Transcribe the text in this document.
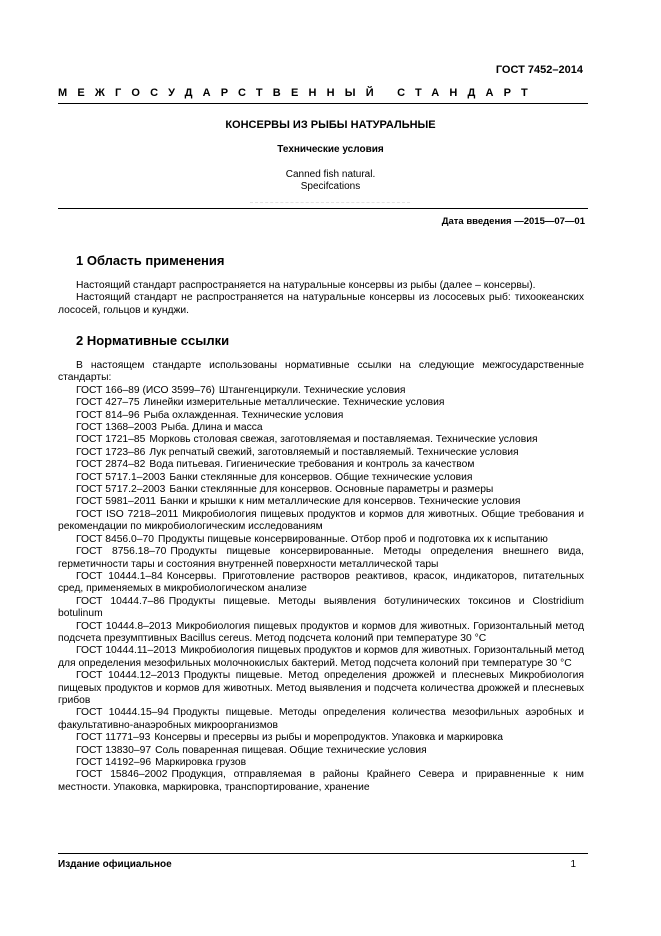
ГОСТ 7452–2014
МЕЖГОСУДАРСТВЕННЫЙ СТАНДАРТ
КОНСЕРВЫ ИЗ РЫБЫ НАТУРАЛЬНЫЕ
Технические условия
Canned fish natural.
Specifcations
Дата введения —2015—07—01
1 Область применения

Настоящий стандарт распространяется на натуральные консервы из рыбы (далее – консервы).

Настоящий стандарт не распространяется на натуральные консервы из лососевых рыб: тихоокеанских лососей, гольцов и кунджи.

2 Нормативные ссылки

В настоящем стандарте использованы нормативные ссылки на следующие межгосударственные стандарты:

ГОСТ 166–89 (ИСО 3599–76) Штангенциркули. Технические условия

ГОСТ 427–75 Линейки измерительные металлические. Технические условия

ГОСТ 814–96 Рыба охлажденная. Технические условия

ГОСТ 1368–2003 Рыба. Длина и масса

ГОСТ 1721–85 Морковь столовая свежая, заготовляемая и поставляемая. Технические условия

ГОСТ 1723–86 Лук репчатый свежий, заготовляемый и поставляемый. Технические условия

ГОСТ 2874–82 Вода питьевая. Гигиенические требования и контроль за качеством

ГОСТ 5717.1–2003 Банки стеклянные для консервов. Общие технические условия

ГОСТ 5717.2–2003 Банки стеклянные для консервов. Основные параметры и размеры

ГОСТ 5981–2011 Банки и крышки к ним металлические для консервов. Технические условия

ГОСТ ISO 7218–2011 Микробиология пищевых продуктов и кормов для животных. Общие требования и рекомендации по микробиологическим исследованиям

ГОСТ 8456.0–70 Продукты пищевые консервированные. Отбор проб и подготовка их к испытанию

ГОСТ 8756.18–70 Продукты пищевые консервированные. Методы определения внешнего вида, герметичности тары и состояния внутренней поверхности металлической тары

ГОСТ 10444.1–84 Консервы. Приготовление растворов реактивов, красок, индикаторов, питательных сред, применяемых в микробиологическом анализе

ГОСТ 10444.7–86 Продукты пищевые. Методы выявления ботулинических токсинов и Clostridium botulinum

ГОСТ 10444.8–2013 Микробиология пищевых продуктов и кормов для животных. Горизонтальный метод подсчета презумптивных Bacillus cereus. Метод подсчета колоний при температуре 30 °С

ГОСТ 10444.11–2013 Микробиология пищевых продуктов и кормов для животных. Горизонтальный метод для определения мезофильных молочнокислых бактерий. Метод подсчета колоний при температуре 30 °С

ГОСТ 10444.12–2013 Продукты пищевые. Метод определения дрожжей и плесневых Микробиология пищевых продуктов и кормов для животных. Метод выявления и подсчета количества дрожжей и плесневых грибов

ГОСТ 10444.15–94 Продукты пищевые. Методы определения количества мезофильных аэробных и факультативно-анаэробных микроорганизмов

ГОСТ 11771–93 Консервы и пресервы из рыбы и морепродуктов. Упаковка и маркировка

ГОСТ 13830–97 Соль поваренная пищевая. Общие технические условия

ГОСТ 14192–96 Маркировка грузов

ГОСТ 15846–2002 Продукция, отправляемая в районы Крайнего Севера и приравненные к ним местности. Упаковка, маркировка, транспортирование, хранение

Издание официальное	1
